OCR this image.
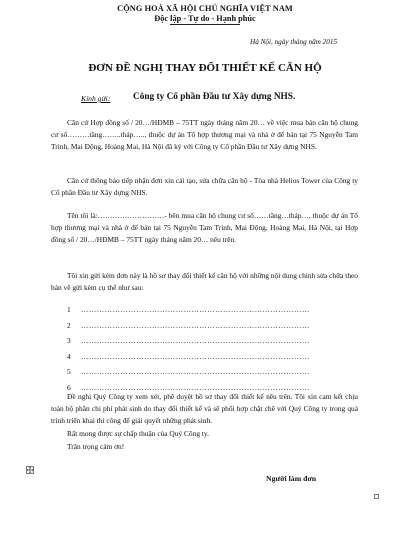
CỘNG HOÀ XÃ HỘI CHỦ NGHĨA VIỆT NAM
Độc lập - Tự do - Hạnh phúc
Hà Nội, ngày tháng năm 2015
ĐƠN ĐỀ NGHỊ THAY ĐỔI THIẾT KẾ CĂN HỘ
Kính gửi: Công ty Cổ phần Đầu tư Xây dựng NHS.
Căn cứ Hợp đồng số / 20…/HĐMB – 75TT ngày tháng năm 20… về việc mua bán căn hộ chung cư số………tầng……..tháp….., thuộc dự án Tổ hợp thương mại và nhà ở để bán tại 75 Nguyễn Tam Trinh, Mai Động, Hoàng Mai, Hà Nội đã ký với Công ty Cổ phần Đầu tư Xây dựng NHS.
Căn cứ thông báo tiếp nhận đơn xin cải tạo, sửa chữa căn hộ - Tòa nhà Helios Tower của Công ty Cổ phần Đầu tư Xây dựng NHS.
Tên tôi là:………………………- bên mua căn hộ chung cư số……tầng…tháp…, thuộc dự án Tổ hợp thương mại và nhà ở để bán tại 75 Nguyễn Tam Trinh, Mai Động, Hoàng Mai, Hà Nội, tại Hợp đồng số / 20…/HĐMB – 75TT ngày tháng năm 20… nêu trên.
Tôi xin gửi kèm đơn này là hồ sơ thay đổi thiết kế căn hộ với những nội dung chỉnh sửa chữa theo bản vẽ gửi kèm cụ thể như sau:
1	……………………………………………………………………………
2	……………………………………………………………………………
3	……………………………………………………………………………
4	……………………………………………………………………………
5	……………………………………………………………………………
6	……………………………………………………………………………
Đề nghị Quý Công ty xem xét, phê duyệt hồ sơ thay đổi thiết kế nêu trên. Tôi xin cam kết chịu toàn bộ phần chi phí phát sinh do thay đổi thiết kế và sẽ phối hợp chặt chẽ với Quý Công ty trong quá trình triển khai thi công để giải quyết những phát sinh.
Rất mong được sự chấp thuận của Quý Công ty.
Trân trọng cảm ơn!
Người làm đơn
